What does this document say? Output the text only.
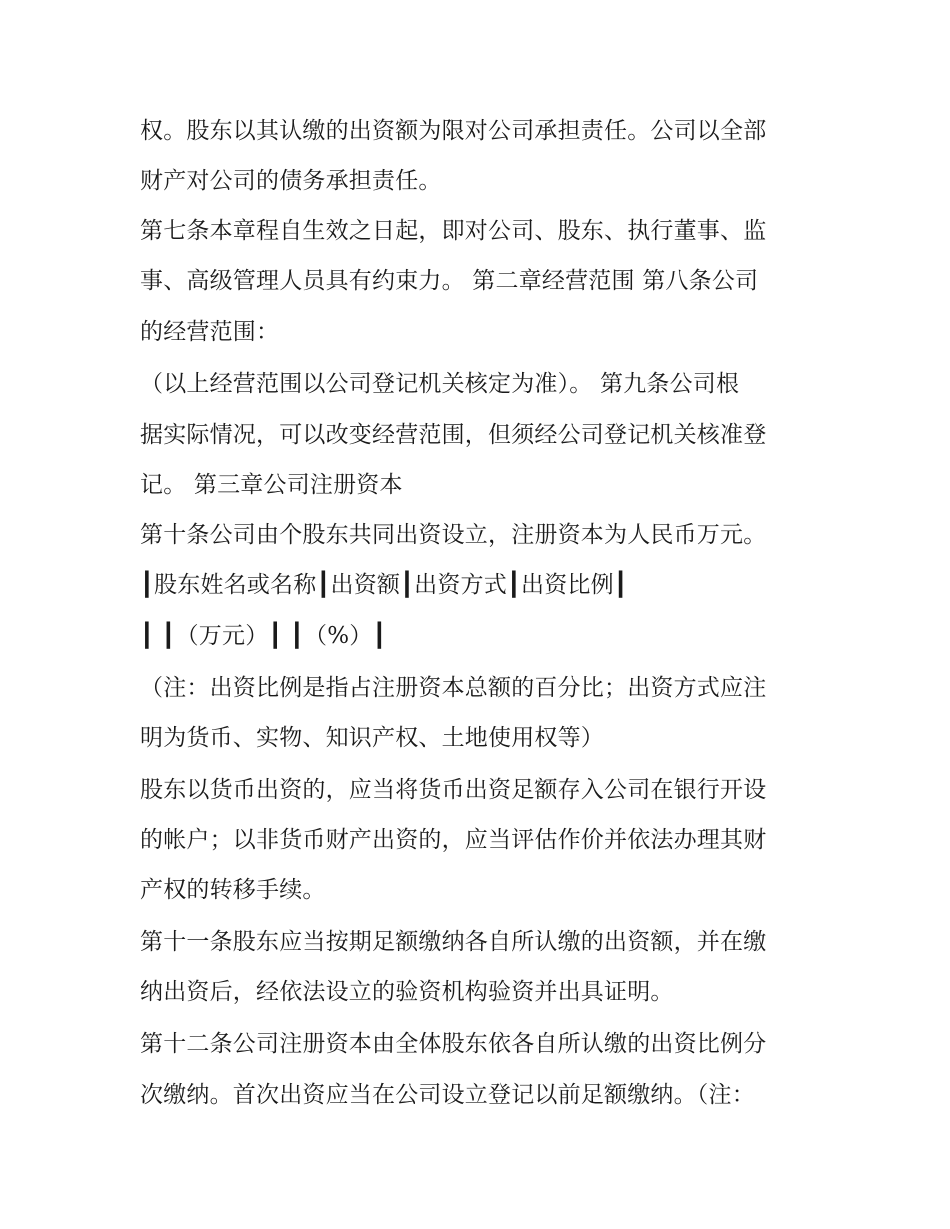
权。股东以其认缴的出资额为限对公司承担责任。公司以全部
财产对公司的债务承担责任。
第七条本章程自生效之日起，即对公司、股东、执行董事、监
事、高级管理人员具有约束力。 第二章经营范围 第八条公司
的经营范围：
（以上经营范围以公司登记机关核定为准）。 第九条公司根
据实际情况，可以改变经营范围，但须经公司登记机关核准登
记。 第三章公司注册资本
第十条公司由个股东共同出资设立，注册资本为人民币万元。
┃股东姓名或名称┃出资额┃出资方式┃出资比例┃
┃ ┃（万元）┃ ┃（%）┃
（注：出资比例是指占注册资本总额的百分比；出资方式应注
明为货币、实物、知识产权、土地使用权等）
股东以货币出资的，应当将货币出资足额存入公司在银行开设
的帐户；以非货币财产出资的，应当评估作价并依法办理其财
产权的转移手续。
第十一条股东应当按期足额缴纳各自所认缴的出资额，并在缴
纳出资后，经依法设立的验资机构验资并出具证明。
第十二条公司注册资本由全体股东依各自所认缴的出资比例分
次缴纳。首次出资应当在公司设立登记以前足额缴纳。（注：
